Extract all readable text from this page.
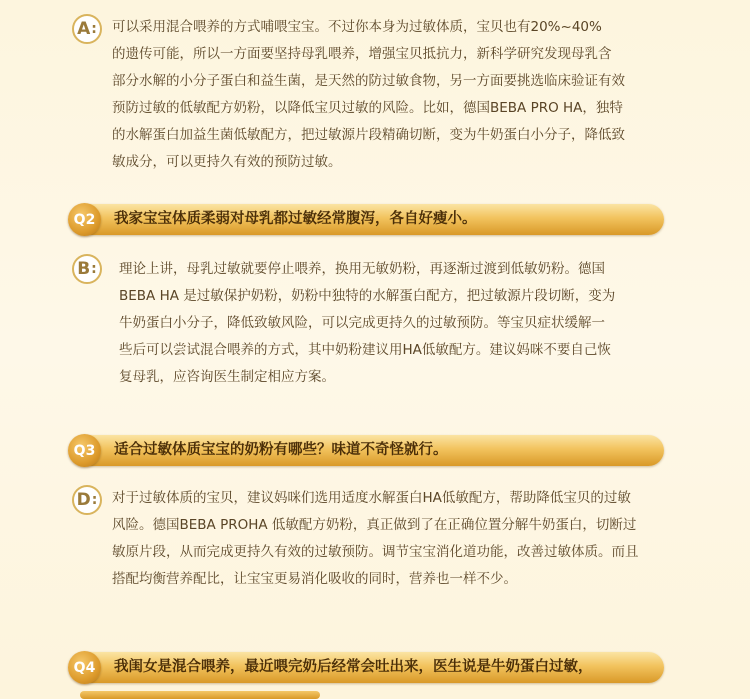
A : 可以采用混合喂养的方式哺喂宝宝。不过你本身为过敏体质，宝贝也有20%~40%

的遗传可能，所以一方面要坚持母乳喂养，增强宝贝抵抗力，新科学研究发现母乳含

部分水解的小分子蛋白和益生菌，是天然的防过敏食物，另一方面要挑选临床验证有效

预防过敏的低敏配方奶粉，以降低宝贝过敏的风险。比如，德国BEBA PRO HA，独特

的水解蛋白加益生菌低敏配方，把过敏源片段精确切断，变为牛奶蛋白小分子，降低致

敏成分，可以更持久有效的预防过敏。

Q2	我家宝宝体质柔弱对母乳都过敏经常腹泻，各自好瘦小。
B : 理论上讲，母乳过敏就要停止喂养，换用无敏奶粉，再逐渐过渡到低敏奶粉。德国

BEBA HA 是过敏保护奶粉，奶粉中独特的水解蛋白配方，把过敏源片段切断，变为

牛奶蛋白小分子，降低致敏风险，可以完成更持久的过敏预防。等宝贝症状缓解一

些后可以尝试混合喂养的方式，其中奶粉建议用HA低敏配方。建议妈咪不要自己恢

复母乳，应咨询医生制定相应方案。

Q3	适合过敏体质宝宝的奶粉有哪些？味道不奇怪就行。
D : 对于过敏体质的宝贝，建议妈咪们选用适度水解蛋白HA低敏配方，帮助降低宝贝的过敏

风险。德国BEBA PROHA 低敏配方奶粉，真正做到了在正确位置分解牛奶蛋白，切断过

敏原片段，从而完成更持久有效的过敏预防。调节宝宝消化道功能，改善过敏体质。而且

搭配均衡营养配比，让宝宝更易消化吸收的同时，营养也一样不少。

Q4	我闺女是混合喂养，最近喂完奶后经常会吐出来，医生说是牛奶蛋白过敏，
